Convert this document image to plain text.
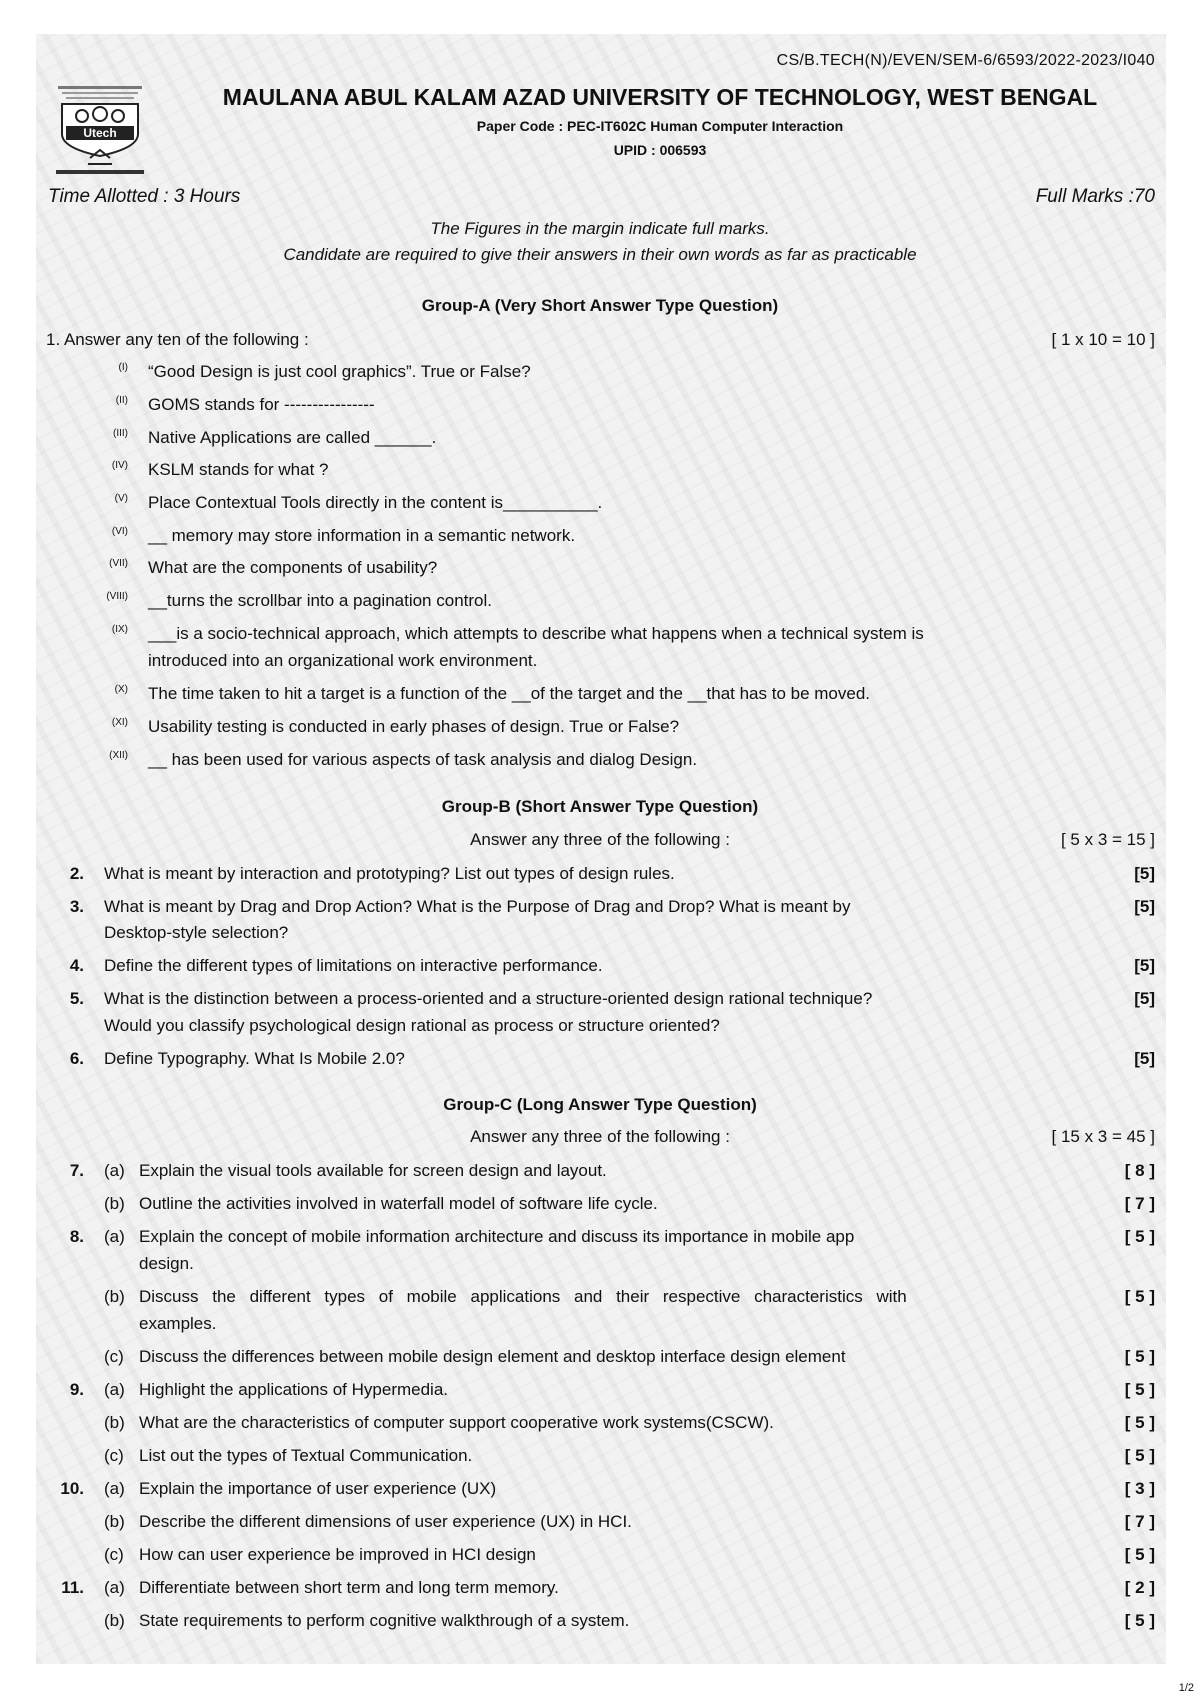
CS/B.TECH(N)/EVEN/SEM-6/6593/2022-2023/I040
Utech
MAULANA ABUL KALAM AZAD UNIVERSITY OF TECHNOLOGY, WEST BENGAL
Paper Code : PEC-IT602C Human Computer Interaction
UPID : 006593
Time Allotted : 3 Hours	Full Marks :70
The Figures in the margin indicate full marks.
Candidate are required to give their answers in their own words as far as practicable
Group-A (Very Short Answer Type Question)
1. Answer any ten of the following :	[ 1 x 10 = 10 ]
(I) “Good Design is just cool graphics”. True or False?
(II) GOMS stands for ----------------
(III) Native Applications are called ______.
(IV) KSLM stands for what ?
(V) Place Contextual Tools directly in the content is__________.
(VI) __ memory may store information in a semantic network.
(VII) What are the components of usability?
(VIII) __turns the scrollbar into a pagination control.
(IX) ___is a socio-technical approach, which attempts to describe what happens when a technical system is
introduced into an organizational work environment.
(X) The time taken to hit a target is a function of the __of the target and the __that has to be moved.
(XI) Usability testing is conducted in early phases of design. True or False?
(XII) __ has been used for various aspects of task analysis and dialog Design.
Group-B (Short Answer Type Question)
Answer any three of the following :	[ 5 x 3 = 15 ]
2. What is meant by interaction and prototyping? List out types of design rules.	[5]
3. What is meant by Drag and Drop Action? What is the Purpose of Drag and Drop? What is meant by
Desktop-style selection?
[5]
4. Define the different types of limitations on interactive performance.	[5]
5. What is the distinction between a process-oriented and a structure-oriented design rational technique?
Would you classify psychological design rational as process or structure oriented?
[5]
6. Define Typography. What Is Mobile 2.0?	[5]
Group-C (Long Answer Type Question)
Answer any three of the following :	[ 15 x 3 = 45 ]
7. (a) Explain the visual tools available for screen design and layout.	[ 8 ]
(b) Outline the activities involved in waterfall model of software life cycle.	[ 7 ]
8. (a) Explain the concept of mobile information architecture and discuss its importance in mobile app
design.
[ 5 ]
(b) Discuss the different types of mobile applications and their respective characteristics with
examples.
[ 5 ]
(c) Discuss the differences between mobile design element and desktop interface design element	[ 5 ]
9. (a) Highlight the applications of Hypermedia.	[ 5 ]
(b) What are the characteristics of computer support cooperative work systems(CSCW).	[ 5 ]
(c) List out the types of Textual Communication.	[ 5 ]
10. (a) Explain the importance of user experience (UX)	[ 3 ]
(b) Describe the different dimensions of user experience (UX) in HCI.	[ 7 ]
(c) How can user experience be improved in HCI design	[ 5 ]
11. (a) Differentiate between short term and long term memory.	[ 2 ]
(b) State requirements to perform cognitive walkthrough of a system.	[ 5 ]
1/2
